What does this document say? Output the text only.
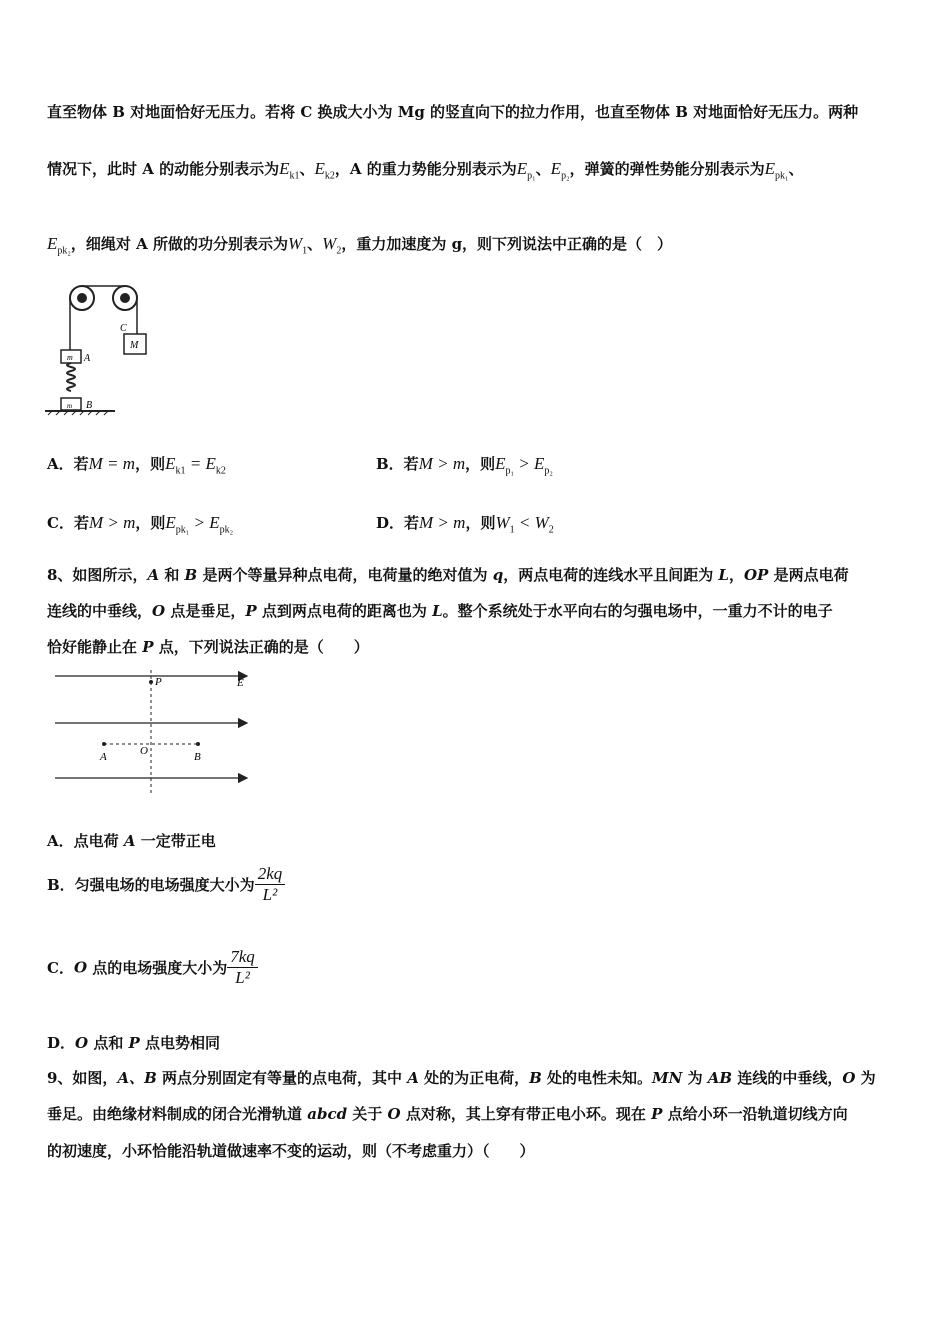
直至物体 B 对地面恰好无压力。若将 C 换成大小为 Mg 的竖直向下的拉力作用，也直至物体 B 对地面恰好无压力。两种
情况下，此时 A 的动能分别表示为$E_{k1}$、$E_{k2}$，A 的重力势能分别表示为$E_{p_1}$、$E_{p_2}$，弹簧的弹性势能分别表示为$E_{pk_1}$、
$E_{pk_2}$，细绳对 A 所做的功分别表示为$W_1$、$W_2$，重力加速度为 g，则下列说法中正确的是（　）
C
M
m A
m B
A．若M = m，则$E_{k1} = E_{k2}$	B．若M > m，则$E_{p_1} > E_{p_2}$
C．若M > m，则$E_{pk_1} > E_{pk_2}$	D．若M > m，则$W_1 < W_2$
8、如图所示，A 和 B 是两个等量异种点电荷，电荷量的绝对值为 q，两点电荷的连线水平且间距为 L，OP 是两点电荷
连线的中垂线，O 点是垂足，P 点到两点电荷的距离也为 L。整个系统处于水平向右的匀强电场中，一重力不计的电子
恰好能静止在 P 点，下列说法正确的是（　　）
P	E
A	O	B
A．点电荷 A 一定带正电
B．匀强电场的电场强度大小为 $\frac{2kq}{\text{L²}}$
C．O 点的电场强度大小为 $\frac{7kq}{\text{L²}}$
D．O 点和 P 点电势相同
9、如图，A、B 两点分别固定有等量的点电荷，其中 A 处的为正电荷，B 处的电性未知。MN 为 AB 连线的中垂线，O 为
垂足。由绝缘材料制成的闭合光滑轨道 abcd 关于 O 点对称，其上穿有带正电小环。现在 P 点给小环一沿轨道切线方向
的初速度，小环恰能沿轨道做速率不变的运动，则（不考虑重力）（　　）
